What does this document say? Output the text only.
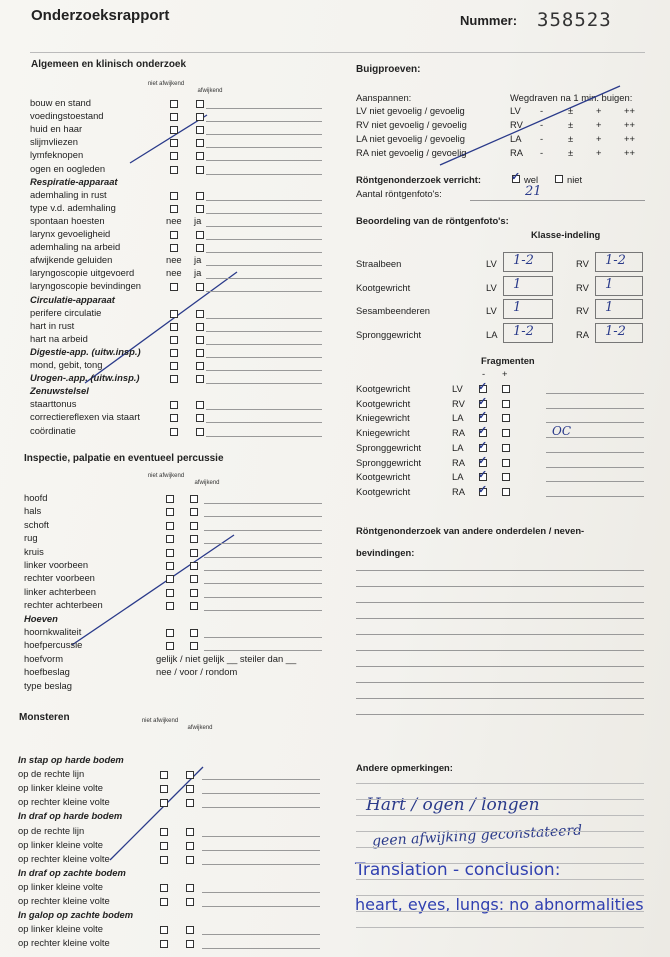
Onderzoeksrapport	Nummer: 358523
Algemeen en klinisch onderzoek
niet afwijkend
afwijkend
Inspectie, palpatie en eventueel percussie
niet afwijkend
afwijkend
Monsteren	niet afwijkend
afwijkend
Buigproeven:
Aanspannen:	Wegdraven na 1 min. buigen:
Röntgenonderzoek verricht:	✓ wel	niet
Aantal röntgenfoto's:	21
Beoordeling van de röntgenfoto's:
Klasse-indeling
Fragmenten
- +
Röntgenonderzoek van andere onderdelen / neven-
bevindingen:
Andere opmerkingen:
Hart / ogen / longen
geen afwijking geconstateerd
Translation - conclusion:
heart, eyes, lungs: no abnormalities
bouw en stand
voedingstoestand
huid en haar
slijmvliezen
lymfeknopen
ogen en oogleden
Respiratie-apparaat
ademhaling in rust
type v.d. ademhaling
spontaan hoesten	nee ja
larynx gevoeligheid
ademhaling na arbeid
afwijkende geluiden	nee ja
laryngoscopie uitgevoerd	nee ja
laryngoscopie bevindingen
Circulatie-apparaat
perifere circulatie
hart in rust
hart na arbeid
Digestie-app. (uitw.insp.)
mond, gebit, tong
Urogen-.app. (uitw.insp.)
Zenuwstelsel
staarttonus
correctiereflexen via staart
coördinatie
hoofd
hals
schoft
rug
kruis
linker voorbeen
rechter voorbeen
linker achterbeen
rechter achterbeen
Hoeven
hoornkwaliteit
hoefpercussie
hoefvorm	gelijk / niet gelijk __ steiler dan __
hoefbeslag	nee / voor / rondom
type beslag
In stap op harde bodem
op de rechte lijn
op linker kleine volte
op rechter kleine volte
In draf op harde bodem
op de rechte lijn
op linker kleine volte
op rechter kleine volte
In draf op zachte bodem
op linker kleine volte
op rechter kleine volte
In galop op zachte bodem
op linker kleine volte
op rechter kleine volte
LV niet gevoelig / gevoelig	LV -	± + ++
RV niet gevoelig / gevoelig	RV -	± + ++
LA niet gevoelig / gevoelig	LA -	± + ++
RA niet gevoelig / gevoelig	RA -	± + ++
Straalbeen	LV 1-2	RV 1-2
Kootgewricht	LV 1	RV 1
Sesambeenderen	LV 1	RV 1
Spronggewricht	LA 1-2	RA 1-2
Kootgewricht	LV ✓
Kootgewricht	RV ✓
Kniegewricht	LA ✓
Kniegewricht	RA ✓	OC
Spronggewricht	LA ✓
Spronggewricht	RA ✓
Kootgewricht	LA ✓
Kootgewricht	RA ✓
